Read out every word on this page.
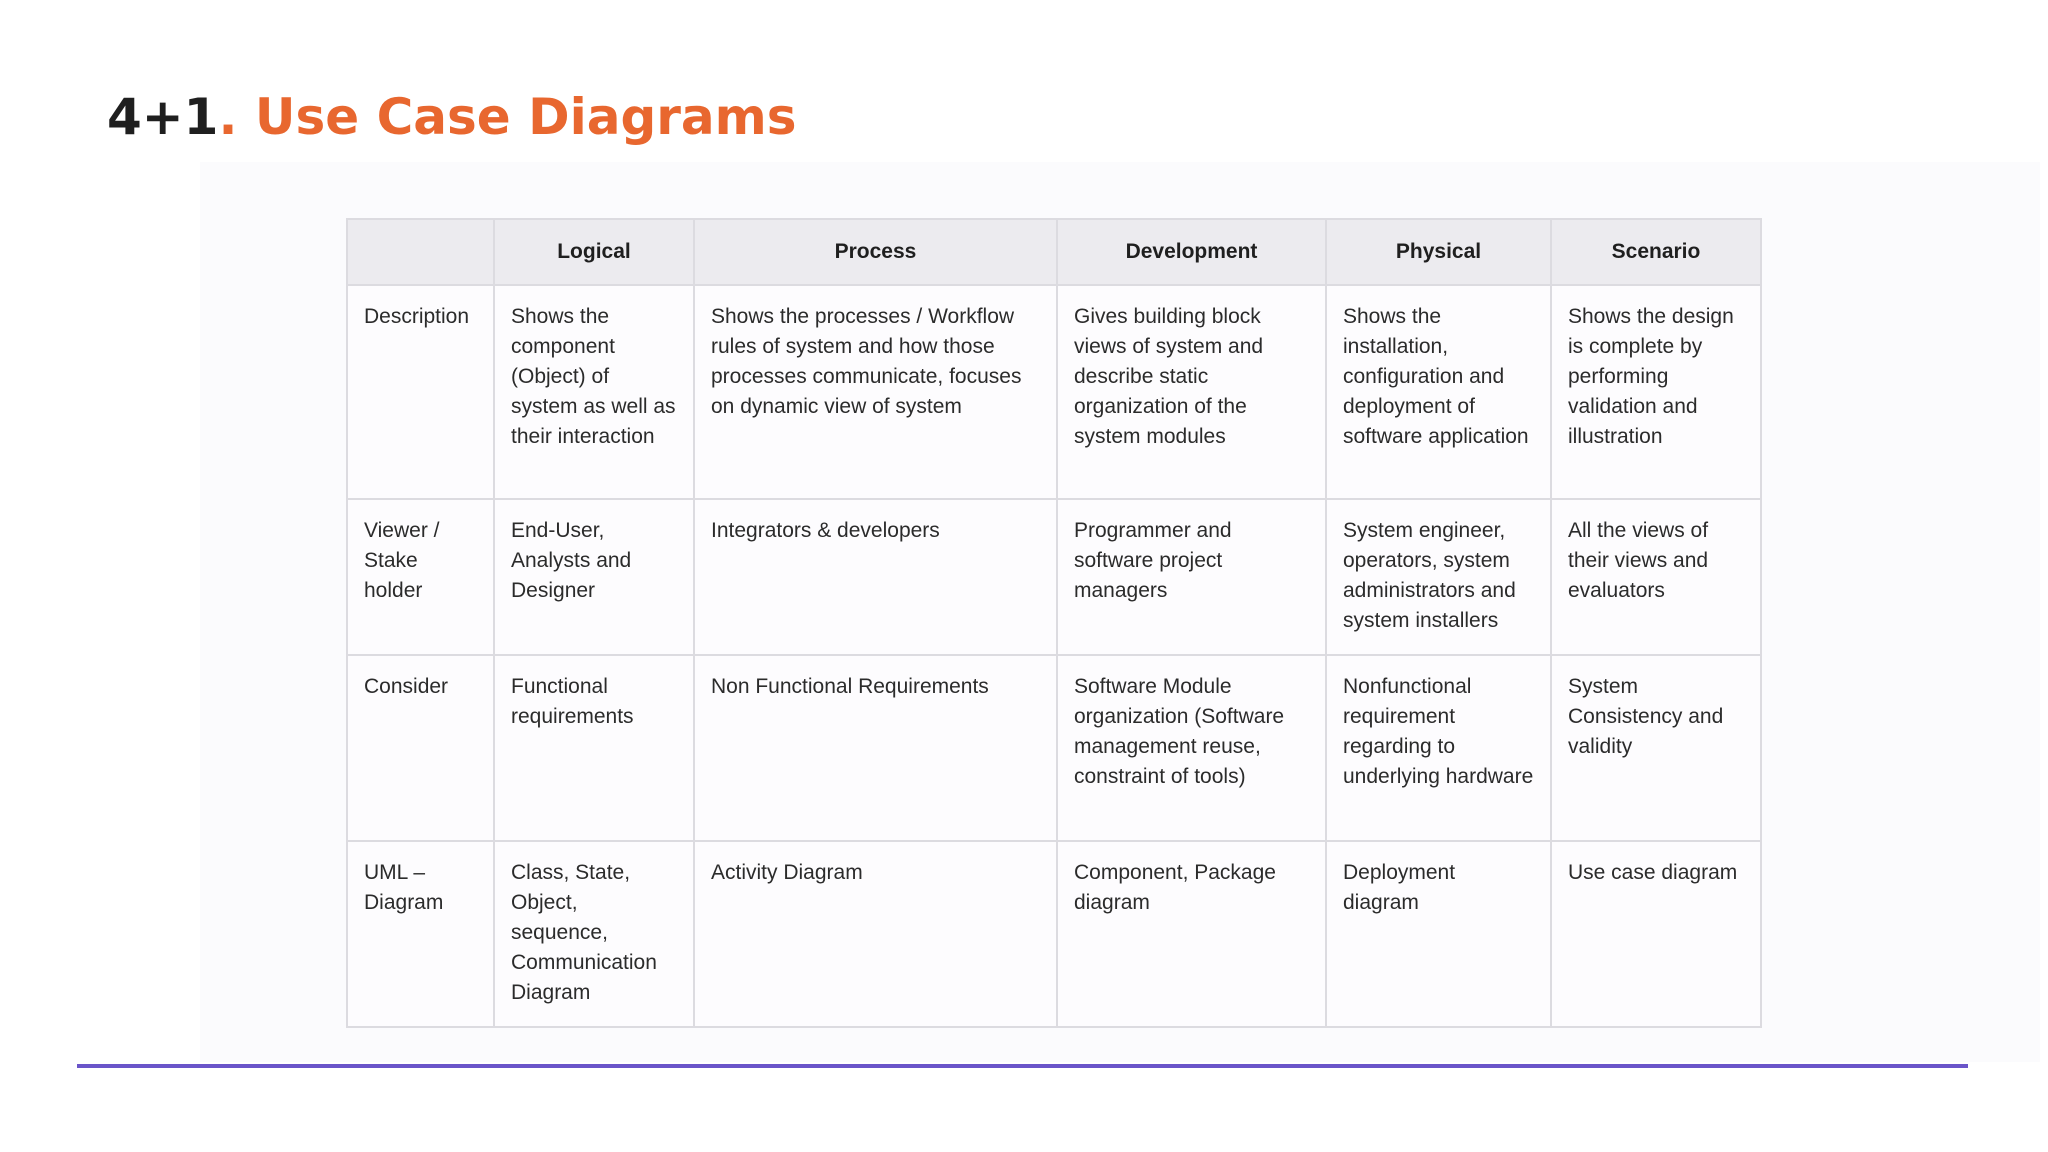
4+1. Use Case Diagrams
	Logical	Process	Development	Physical	Scenario
Description	Shows the component (Object) of system as well as their interaction	Shows the processes / Workflow rules of system and how those processes communicate, focuses on dynamic view of system	Gives building block views of system and describe static organization of the system modules	Shows the installation, configuration and deployment of software application	Shows the design is complete by performing validation and illustration
Viewer / Stake holder	End-User, Analysts and Designer	Integrators & developers	Programmer and software project managers	System engineer, operators, system administrators and system installers	All the views of their views and evaluators
Consider	Functional requirements	Non Functional Requirements	Software Module organization (Software management reuse, constraint of tools)	Nonfunctional requirement regarding to underlying hardware	System Consistency and validity
UML – Diagram	Class, State, Object, sequence, Communication Diagram	Activity Diagram	Component, Package diagram	Deployment diagram	Use case diagram
